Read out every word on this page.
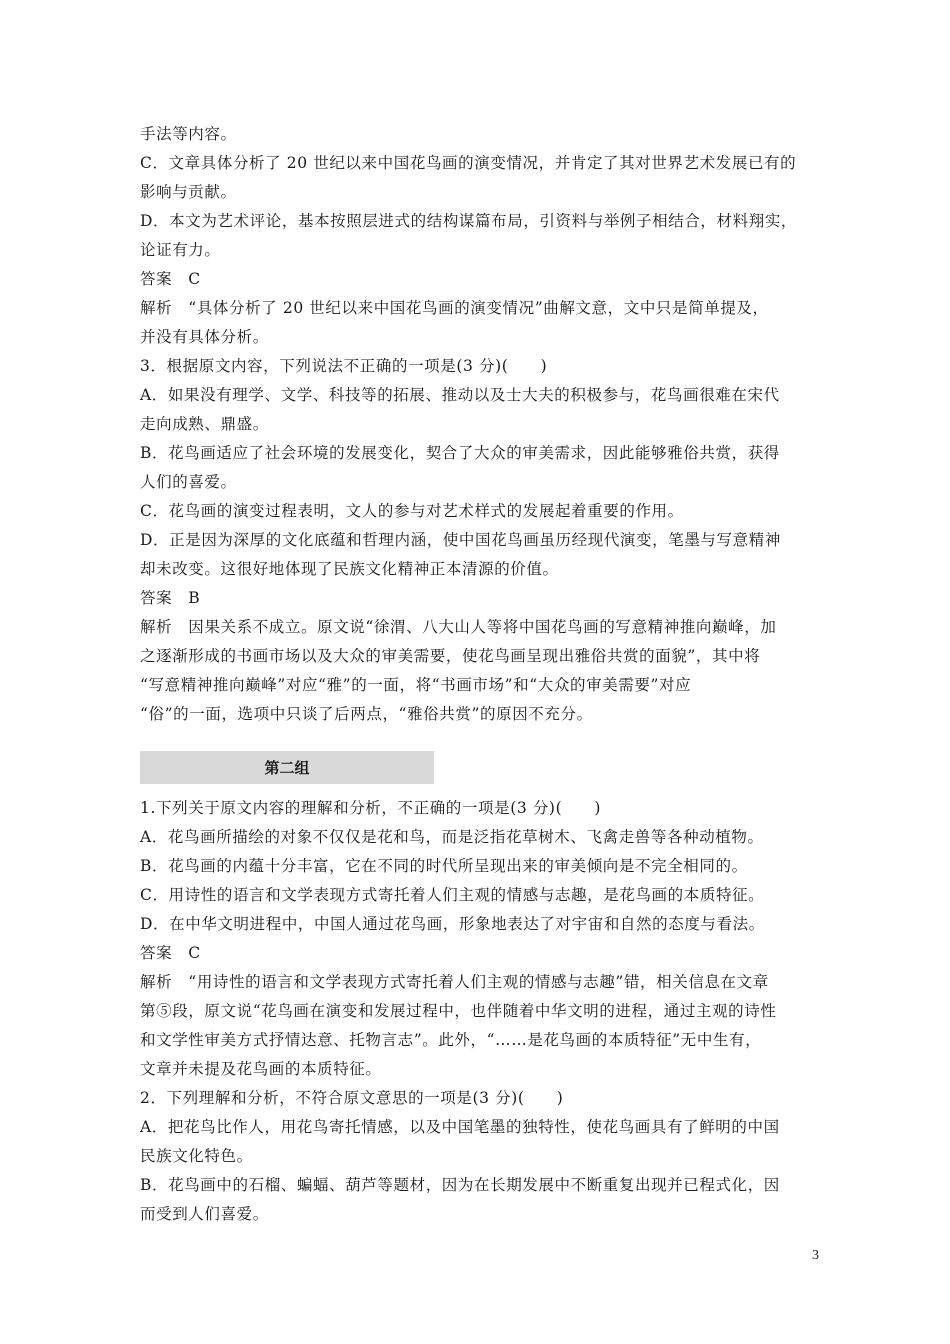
手法等内容。
C．文章具体分析了 20 世纪以来中国花鸟画的演变情况，并肯定了其对世界艺术发展已有的
影响与贡献。
D．本文为艺术评论，基本按照层进式的结构谋篇布局，引资料与举例子相结合，材料翔实，
论证有力。
答案　C
解析　“具体分析了 20 世纪以来中国花鸟画的演变情况”曲解文意，文中只是简单提及，
并没有具体分析。
3．根据原文内容，下列说法不正确的一项是(3 分)(　　)
A．如果没有理学、文学、科技等的拓展、推动以及士大夫的积极参与，花鸟画很难在宋代
走向成熟、鼎盛。
B．花鸟画适应了社会环境的发展变化，契合了大众的审美需求，因此能够雅俗共赏，获得
人们的喜爱。
C．花鸟画的演变过程表明，文人的参与对艺术样式的发展起着重要的作用。
D．正是因为深厚的文化底蕴和哲理内涵，使中国花鸟画虽历经现代演变，笔墨与写意精神
却未改变。这很好地体现了民族文化精神正本清源的价值。
答案　B
解析　因果关系不成立。原文说“徐渭、八大山人等将中国花鸟画的写意精神推向巅峰，加
之逐渐形成的书画市场以及大众的审美需要，使花鸟画呈现出雅俗共赏的面貌”，其中将
“写意精神推向巅峰”对应“雅”的一面，将“书画市场”和“大众的审美需要”对应
“俗”的一面，选项中只谈了后两点，“雅俗共赏”的原因不充分。
第二组
1.下列关于原文内容的理解和分析，不正确的一项是(3 分)(　　)
A．花鸟画所描绘的对象不仅仅是花和鸟，而是泛指花草树木、飞禽走兽等各种动植物。
B．花鸟画的内蕴十分丰富，它在不同的时代所呈现出来的审美倾向是不完全相同的。
C．用诗性的语言和文学表现方式寄托着人们主观的情感与志趣，是花鸟画的本质特征。
D．在中华文明进程中，中国人通过花鸟画，形象地表达了对宇宙和自然的态度与看法。
答案　C
解析　“用诗性的语言和文学表现方式寄托着人们主观的情感与志趣”错，相关信息在文章
第⑤段，原文说“花鸟画在演变和发展过程中，也伴随着中华文明的进程，通过主观的诗性
和文学性审美方式抒情达意、托物言志”。此外，“……是花鸟画的本质特征”无中生有，
文章并未提及花鸟画的本质特征。
2．下列理解和分析，不符合原文意思的一项是(3 分)(　　)
A．把花鸟比作人，用花鸟寄托情感，以及中国笔墨的独特性，使花鸟画具有了鲜明的中国
民族文化特色。
B．花鸟画中的石榴、蝙蝠、葫芦等题材，因为在长期发展中不断重复出现并已程式化，因
而受到人们喜爱。
3
